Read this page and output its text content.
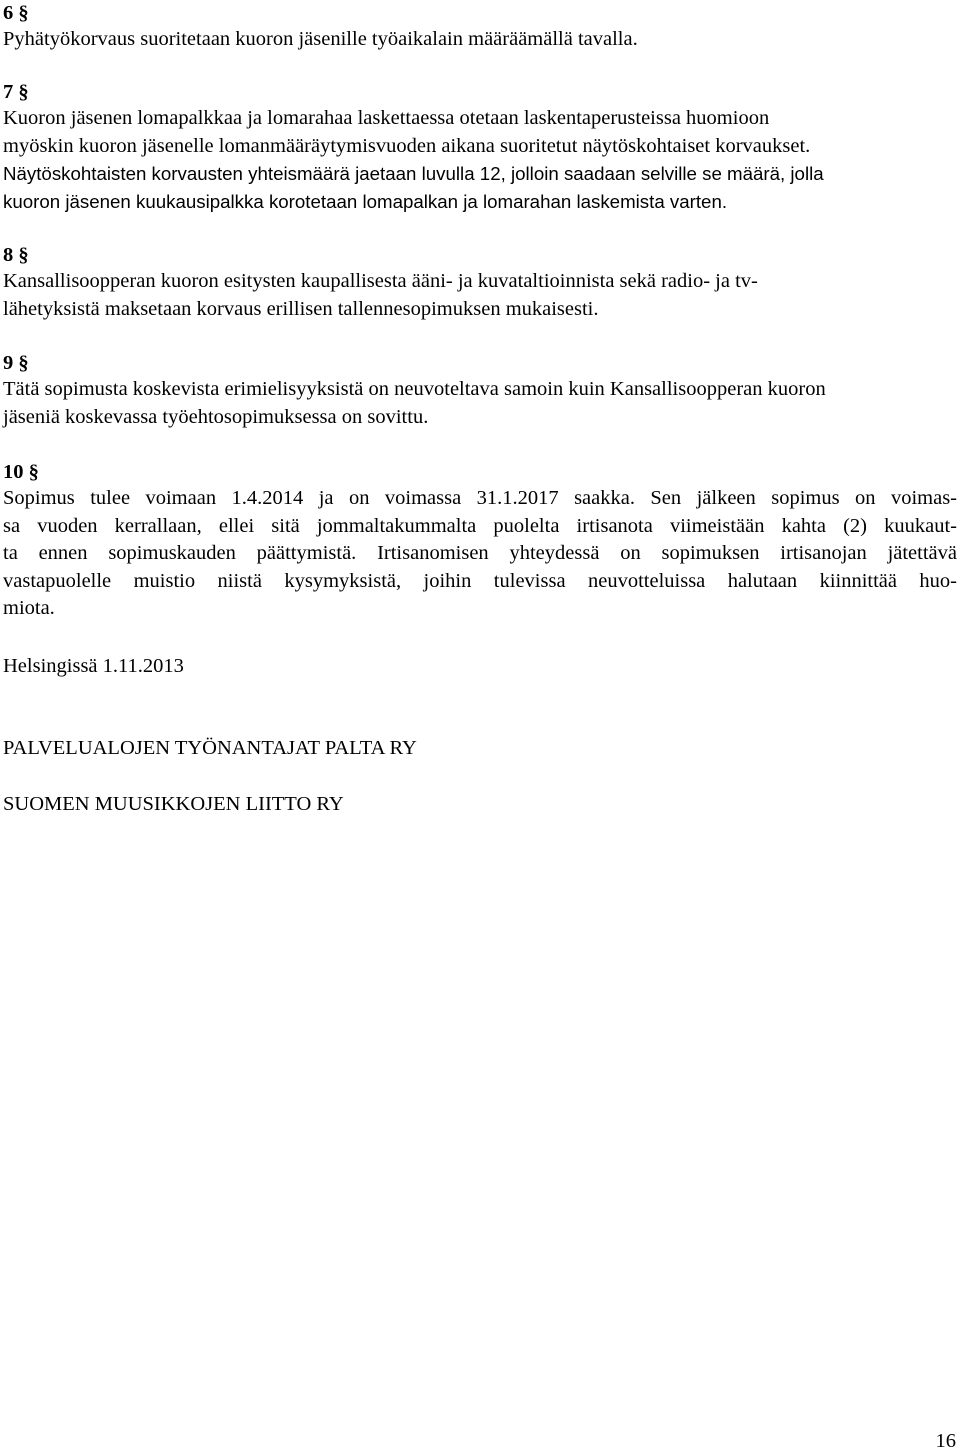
6 §
Pyhätyökorvaus suoritetaan kuoron jäsenille työaikalain määräämällä tavalla.
7 §
Kuoron jäsenen lomapalkkaa ja lomarahaa laskettaessa otetaan laskentaperusteissa huomioon
myöskin kuoron jäsenelle lomanmääräytymisvuoden aikana suoritetut näytöskohtaiset korvaukset.
Näytöskohtaisten korvausten yhteismäärä jaetaan luvulla 12, jolloin saadaan selville se määrä, jolla
kuoron jäsenen kuukausipalkka korotetaan lomapalkan ja lomarahan laskemista varten.
8 §
Kansallisoopperan kuoron esitysten kaupallisesta ääni- ja kuvataltioinnista sekä radio- ja tv-
lähetyksistä maksetaan korvaus erillisen tallennesopimuksen mukaisesti.
9 §
Tätä sopimusta koskevista erimielisyyksistä on neuvoteltava samoin kuin Kansallisoopperan kuoron
jäseniä koskevassa työehtosopimuksessa on sovittu.
10 §
Sopimus tulee voimaan 1.4.2014 ja on voimassa 31.1.2017 saakka. Sen jälkeen sopimus on voimas-
sa vuoden kerrallaan, ellei sitä jommaltakummalta puolelta irtisanota viimeistään kahta (2) kuukaut-
ta ennen sopimuskauden päättymistä. Irtisanomisen yhteydessä on sopimuksen irtisanojan jätettävä
vastapuolelle muistio niistä kysymyksistä, joihin tulevissa neuvotteluissa halutaan kiinnittää huo-
miota.
Helsingissä 1.11.2013
PALVELUALOJEN TYÖNANTAJAT PALTA RY
SUOMEN MUUSIKKOJEN LIITTO RY
16
